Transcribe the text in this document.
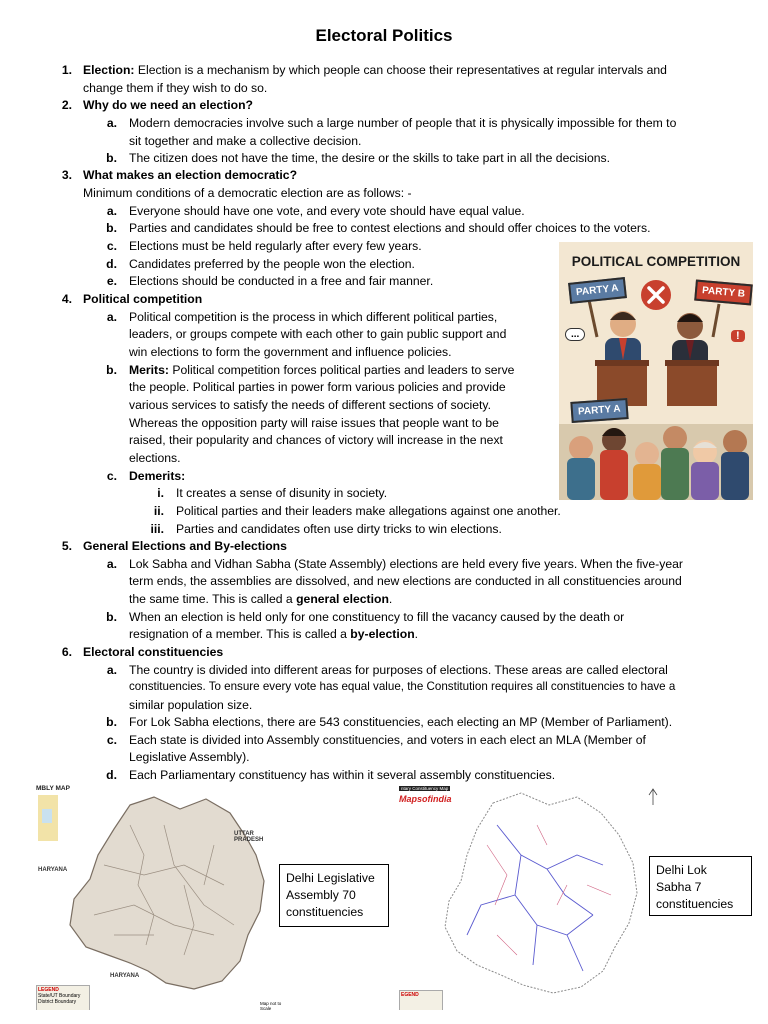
Electoral Politics
1. Election: Election is a mechanism by which people can choose their representatives at regular intervals and
change them if they wish to do so.
2. Why do we need an election?
a. Modern democracies involve such a large number of people that it is physically impossible for them to
sit together and make a collective decision.
b. The citizen does not have the time, the desire or the skills to take part in all the decisions.
3. What makes an election democratic?
Minimum conditions of a democratic election are as follows: -
a. Everyone should have one vote, and every vote should have equal value.
b. Parties and candidates should be free to contest elections and should offer choices to the voters.
c. Elections must be held regularly after every few years.
d. Candidates preferred by the people won the election.
e. Elections should be conducted in a free and fair manner.
4. Political competition
a. Political competition is the process in which different political parties,
leaders, or groups compete with each other to gain public support and
win elections to form the government and influence policies.
b. Merits: Political competition forces political parties and leaders to serve
the people. Political parties in power form various policies and provide
various services to satisfy the needs of different sections of society.
Whereas the opposition party will raise issues that people want to be
raised, their popularity and chances of victory will increase in the next
elections.
c. Demerits:
i. It creates a sense of disunity in society.
ii. Political parties and their leaders make allegations against one another.
iii. Parties and candidates often use dirty tricks to win elections.
5. General Elections and By-elections
a. Lok Sabha and Vidhan Sabha (State Assembly) elections are held every five years. When the five-year
term ends, the assemblies are dissolved, and new elections are conducted in all constituencies around
the same time. This is called a general election.
b. When an election is held only for one constituency to fill the vacancy caused by the death or
resignation of a member. This is called a by-election.
6. Electoral constituencies
a. The country is divided into different areas for purposes of elections. These areas are called electoral
constituencies. To ensure every vote has equal value, the Constitution requires all constituencies to have a
similar population size.
b. For Lok Sabha elections, there are 543 constituencies, each electing an MP (Member of Parliament).
c. Each state is divided into Assembly constituencies, and voters in each elect an MLA (Member of
Legislative Assembly).
d. Each Parliamentary constituency has within it several assembly constituencies.
POLITICAL COMPETITION
PARTY A	PARTY B
PARTY A
...	!
MBLY MAP
UTTAR PRADESH
HARYANA
HARYANA
LEGEND
State/UT Boundary
District Boundary	Map not to Scale
Delhi Legislative
Assembly 70
constituencies
ntary Constituency Map
Mapsofindia
EGEND
Delhi Lok
Sabha 7
constituencies
